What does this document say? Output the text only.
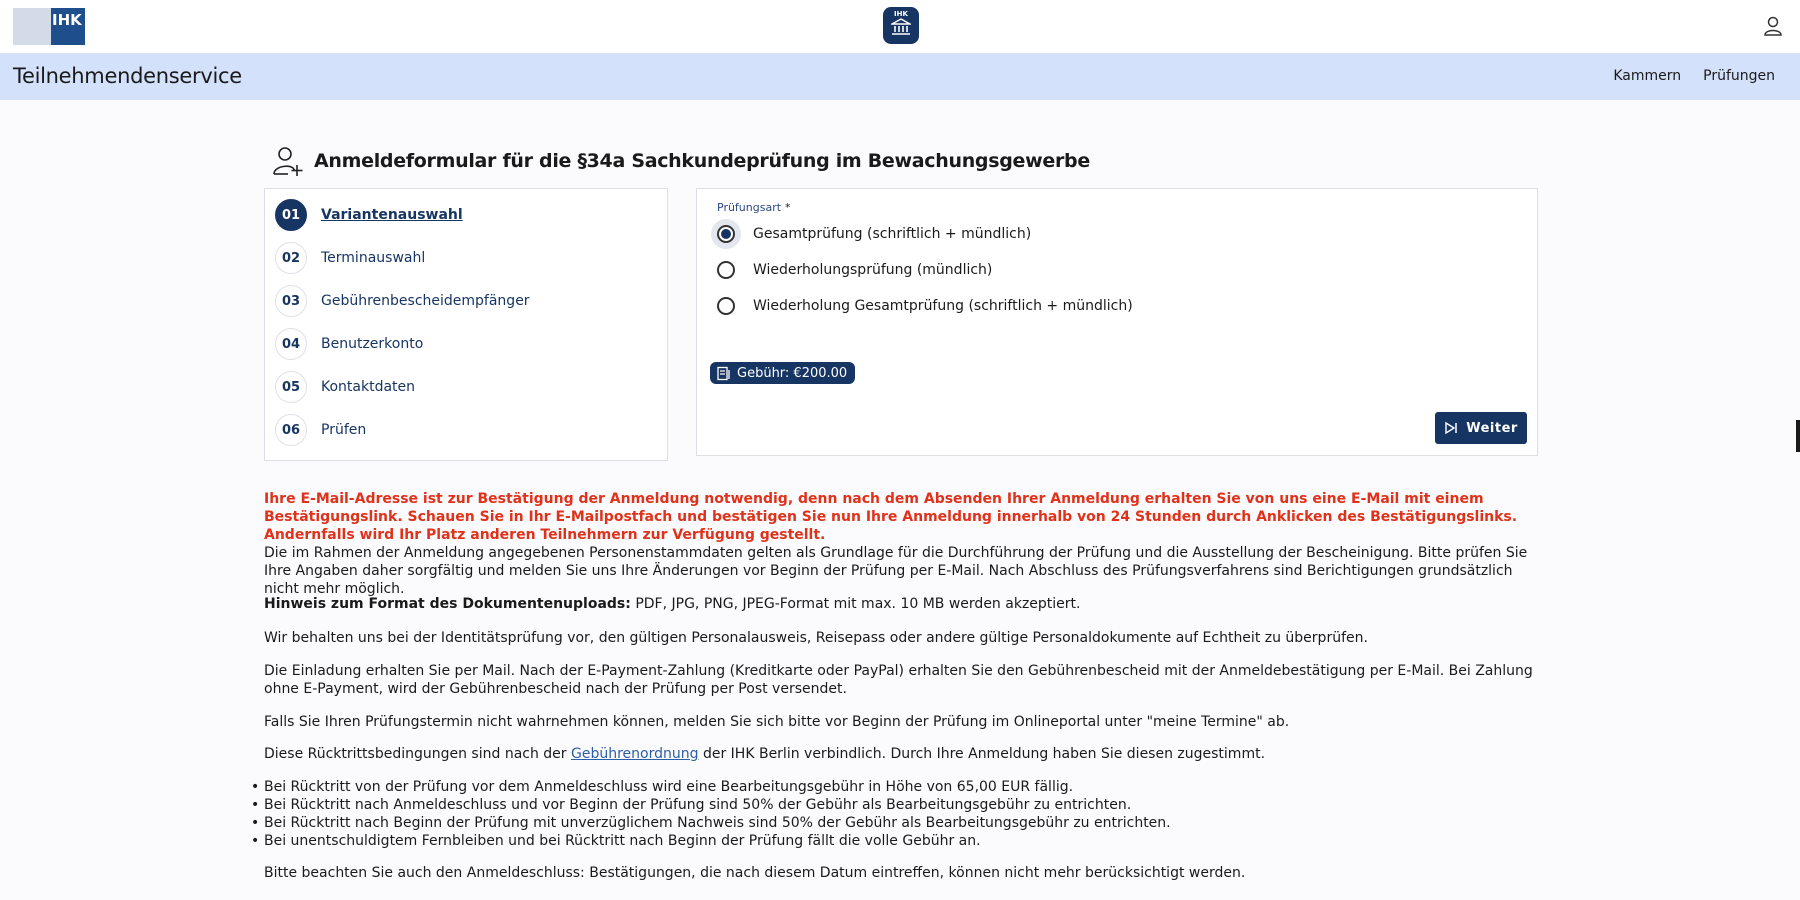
IHK	IHK
Teilnehmendenservice	Kammern Prüfungen
Anmeldeformular für die §34a Sachkundeprüfung im Bewachungsgewerbe
01	Variantenauswahl
02	Terminauswahl
03	Gebührenbescheidempfänger
04	Benutzerkonto
05	Kontaktdaten
06	Prüfen
Prüfungsart *
Gesamtprüfung (schriftlich + mündlich)
Wiederholungsprüfung (mündlich)
Wiederholung Gesamtprüfung (schriftlich + mündlich)
Gebühr: €200.00
Weiter
Ihre E-Mail-Adresse ist zur Bestätigung der Anmeldung notwendig, denn nach dem Absenden Ihrer Anmeldung erhalten Sie von uns eine E-Mail mit einem Bestätigungslink. Schauen Sie in Ihr E-Mailpostfach und bestätigen Sie nun Ihre Anmeldung innerhalb von 24 Stunden durch Anklicken des Bestätigungslinks. Andernfalls wird Ihr Platz anderen Teilnehmern zur Verfügung gestellt.
Die im Rahmen der Anmeldung angegebenen Personenstammdaten gelten als Grundlage für die Durchführung der Prüfung und die Ausstellung der Bescheinigung. Bitte prüfen Sie Ihre Angaben daher sorgfältig und melden Sie uns Ihre Änderungen vor Beginn der Prüfung per E-Mail. Nach Abschluss des Prüfungsverfahrens sind Berichtigungen grundsätzlich nicht mehr möglich.
Hinweis zum Format des Dokumentenuploads: PDF, JPG, PNG, JPEG-Format mit max. 10 MB werden akzeptiert.
Wir behalten uns bei der Identitätsprüfung vor, den gültigen Personalausweis, Reisepass oder andere gültige Personaldokumente auf Echtheit zu überprüfen.
Die Einladung erhalten Sie per Mail. Nach der E-Payment-Zahlung (Kreditkarte oder PayPal) erhalten Sie den Gebührenbescheid mit der Anmeldebestätigung per E-Mail. Bei Zahlung ohne E-Payment, wird der Gebührenbescheid nach der Prüfung per Post versendet.
Falls Sie Ihren Prüfungstermin nicht wahrnehmen können, melden Sie sich bitte vor Beginn der Prüfung im Onlineportal unter "meine Termine" ab.
Diese Rücktrittsbedingungen sind nach der Gebührenordnung der IHK Berlin verbindlich. Durch Ihre Anmeldung haben Sie diesen zugestimmt.
• Bei Rücktritt von der Prüfung vor dem Anmeldeschluss wird eine Bearbeitungsgebühr in Höhe von 65,00 EUR fällig.
• Bei Rücktritt nach Anmeldeschluss und vor Beginn der Prüfung sind 50% der Gebühr als Bearbeitungsgebühr zu entrichten.
• Bei Rücktritt nach Beginn der Prüfung mit unverzüglichem Nachweis sind 50% der Gebühr als Bearbeitungsgebühr zu entrichten.
• Bei unentschuldigtem Fernbleiben und bei Rücktritt nach Beginn der Prüfung fällt die volle Gebühr an.
Bitte beachten Sie auch den Anmeldeschluss: Bestätigungen, die nach diesem Datum eintreffen, können nicht mehr berücksichtigt werden.
